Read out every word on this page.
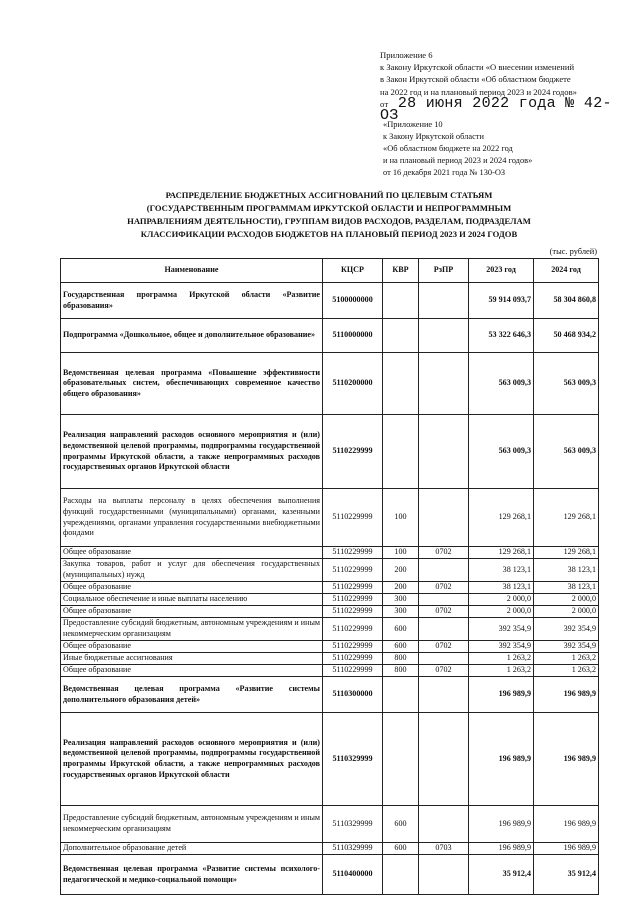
Приложение 6
к Закону Иркутской области «О внесении изменений
в Закон Иркутской области «Об областном бюджете
на 2022 год и на плановый период 2023 и 2024 годов»
от 28 июня 2022 года № 42-ОЗ
«Приложение 10
к Закону Иркутской области
«Об областном бюджете на 2022 год
и на плановый период 2023 и 2024 годов»
от 16 декабря 2021 года № 130-ОЗ
РАСПРЕДЕЛЕНИЕ БЮДЖЕТНЫХ АССИГНОВАНИЙ ПО ЦЕЛЕВЫМ СТАТЬЯМ
(ГОСУДАРСТВЕННЫМ ПРОГРАММАМ ИРКУТСКОЙ ОБЛАСТИ И НЕПРОГРАММНЫМ
НАПРАВЛЕНИЯМ ДЕЯТЕЛЬНОСТИ), ГРУППАМ ВИДОВ РАСХОДОВ, РАЗДЕЛАМ, ПОДРАЗДЕЛАМ
КЛАССИФИКАЦИИ РАСХОДОВ БЮДЖЕТОВ НА ПЛАНОВЫЙ ПЕРИОД 2023 И 2024 ГОДОВ
(тыс. рублей)
Наименование	КЦСР	КВР	РзПР	2023 год	2024 год
Государственная программа Иркутской области «Развитие образования»	5100000000			59 914 093,7	58 304 860,8
Подпрограмма «Дошкольное, общее и дополнительное образование»	5110000000			53 322 646,3	50 468 934,2
Ведомственная целевая программа «Повышение эффективности образовательных систем, обеспечивающих современное качество общего образования»	5110200000			563 009,3	563 009,3
Реализация направлений расходов основного мероприятия и (или) ведомственной целевой программы, подпрограммы государственной программы Иркутской области, а также непрограммных расходов государственных органов Иркутской области	5110229999			563 009,3	563 009,3
Расходы на выплаты персоналу в целях обеспечения выполнения функций государственными (муниципальными) органами, казенными учреждениями, органами управления государственными внебюджетными фондами	5110229999	100		129 268,1	129 268,1
Общее образование	5110229999	100	0702	129 268,1	129 268,1
Закупка товаров, работ и услуг для обеспечения государственных (муниципальных) нужд	5110229999	200		38 123,1	38 123,1
Общее образование	5110229999	200	0702	38 123,1	38 123,1
Социальное обеспечение и иные выплаты населению	5110229999	300		2 000,0	2 000,0
Общее образование	5110229999	300	0702	2 000,0	2 000,0
Предоставление субсидий бюджетным, автономным учреждениям и иным некоммерческим организациям	5110229999	600		392 354,9	392 354,9
Общее образование	5110229999	600	0702	392 354,9	392 354,9
Иные бюджетные ассигнования	5110229999	800		1 263,2	1 263,2
Общее образование	5110229999	800	0702	1 263,2	1 263,2
Ведомственная целевая программа «Развитие системы дополнительного образования детей»	5110300000			196 989,9	196 989,9
Реализация направлений расходов основного мероприятия и (или) ведомственной целевой программы, подпрограммы государственной программы Иркутской области, а также непрограммных расходов государственных органов Иркутской области	5110329999			196 989,9	196 989,9
Предоставление субсидий бюджетным, автономным учреждениям и иным некоммерческим организациям	5110329999	600		196 989,9	196 989,9
Дополнительное образование детей	5110329999	600	0703	196 989,9	196 989,9
Ведомственная целевая программа «Развитие системы психолого-педагогической и медико-социальной помощи»	5110400000			35 912,4	35 912,4
